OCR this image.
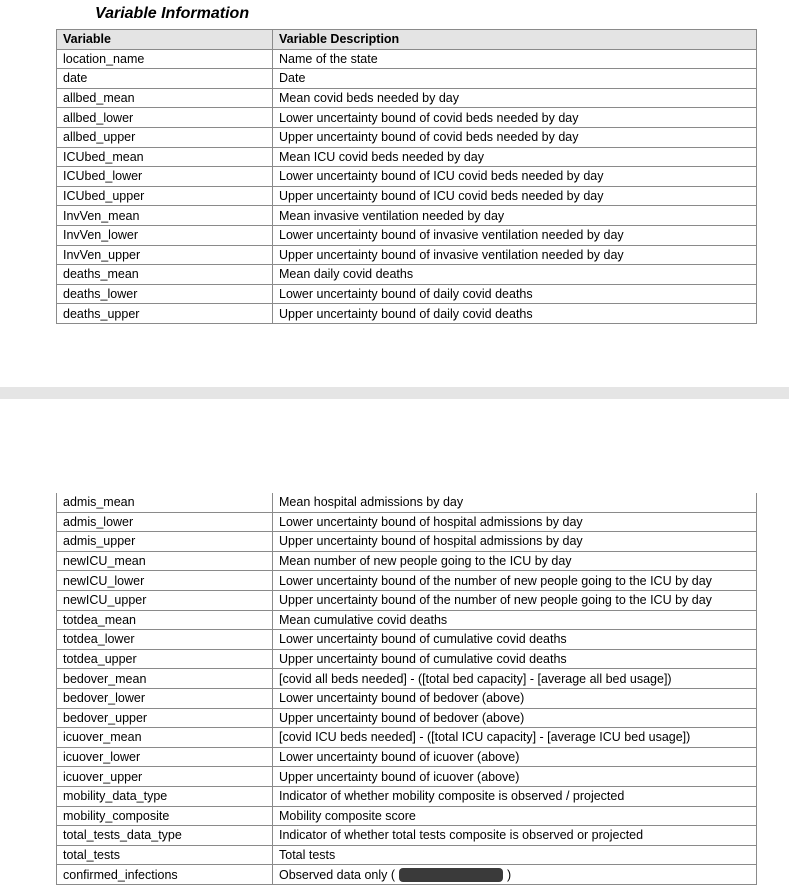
Variable Information
Variable	Variable Description
location_name	Name of the state
date	Date
allbed_mean	Mean covid beds needed by day
allbed_lower	Lower uncertainty bound of covid beds needed by day
allbed_upper	Upper uncertainty bound of covid beds needed by day
ICUbed_mean	Mean ICU covid beds needed by day
ICUbed_lower	Lower uncertainty bound of ICU covid beds needed by day
ICUbed_upper	Upper uncertainty bound of ICU covid beds needed by day
InvVen_mean	Mean invasive ventilation needed by day
InvVen_lower	Lower uncertainty bound of invasive ventilation needed by day
InvVen_upper	Upper uncertainty bound of invasive ventilation needed by day
deaths_mean	Mean daily covid deaths
deaths_lower	Lower uncertainty bound of daily covid deaths
deaths_upper	Upper uncertainty bound of daily covid deaths
admis_mean	Mean hospital admissions by day
admis_lower	Lower uncertainty bound of hospital admissions by day
admis_upper	Upper uncertainty bound of hospital admissions by day
newICU_mean	Mean number of new people going to the ICU by day
newICU_lower	Lower uncertainty bound of the number of new people going to the ICU by day
newICU_upper	Upper uncertainty bound of the number of new people going to the ICU by day
totdea_mean	Mean cumulative covid deaths
totdea_lower	Lower uncertainty bound of cumulative covid deaths
totdea_upper	Upper uncertainty bound of cumulative covid deaths
bedover_mean	[covid all beds needed] - ([total bed capacity] - [average all bed usage])
bedover_lower	Lower uncertainty bound of bedover (above)
bedover_upper	Upper uncertainty bound of bedover (above)
icuover_mean	[covid ICU beds needed] - ([total ICU capacity] - [average ICU bed usage])
icuover_lower	Lower uncertainty bound of icuover (above)
icuover_upper	Upper uncertainty bound of icuover (above)
mobility_data_type	Indicator of whether mobility composite is observed / projected
mobility_composite	Mobility composite score
total_tests_data_type	Indicator of whether total tests composite is observed or projected
total_tests	Total tests
confirmed_infections	Observed data only ( )
